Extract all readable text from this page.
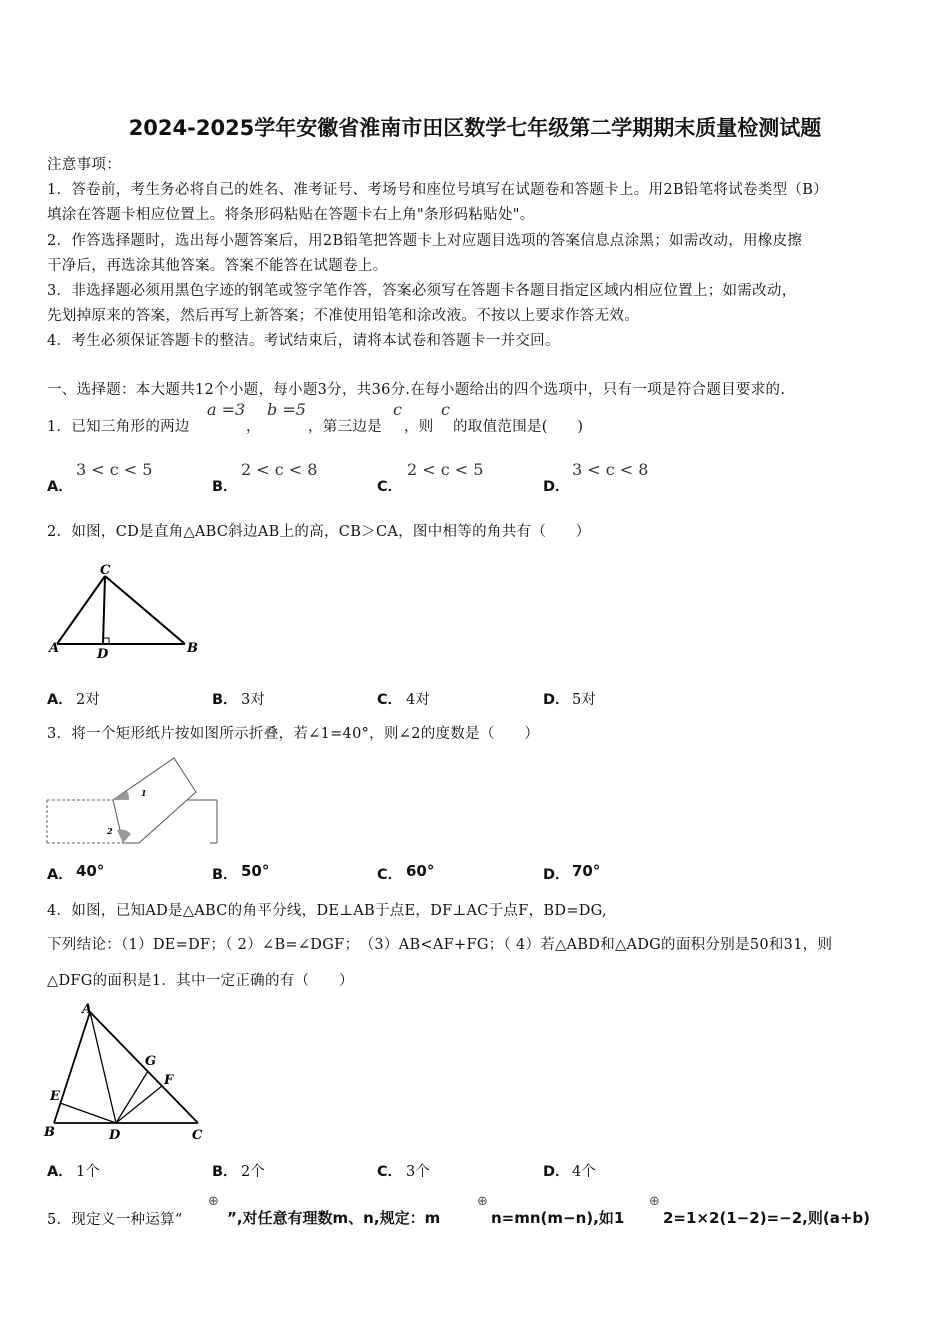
2024-2025学年安徽省淮南市田区数学七年级第二学期期末质量检测试题
注意事项：
1．答卷前，考生务必将自己的姓名、准考证号、考场号和座位号填写在试题卷和答题卡上。用2B铅笔将试卷类型（B）
填涂在答题卡相应位置上。将条形码粘贴在答题卡右上角"条形码粘贴处"。
2．作答选择题时，选出每小题答案后，用2B铅笔把答题卡上对应题目选项的答案信息点涂黑；如需改动，用橡皮擦
干净后，再选涂其他答案。答案不能答在试题卷上。
3．非选择题必须用黑色字迹的钢笔或签字笔作答，答案必须写在答题卡各题目指定区域内相应位置上；如需改动，
先划掉原来的答案，然后再写上新答案；不准使用铅笔和涂改液。不按以上要求作答无效。
4．考生必须保证答题卡的整洁。考试结束后，请将本试卷和答题卡一并交回。
一、选择题：本大题共12个小题，每小题3分，共36分.在每小题给出的四个选项中，只有一项是符合题目要求的.
1．已知三角形的两边
a =3
，
b =5
，第三边是
c
，则
c
的取值范围是(　　)
A．
3 < c < 5
B．
2 < c < 8
C．
2 < c < 5
D．
3 < c < 8
2．如图，CD是直角△ABC斜边AB上的高，CB＞CA，图中相等的角共有（　　）
C
A	D	B
A． 2对	B． 3对	C． 4对	D． 5对
3．将一个矩形纸片按如图所示折叠，若∠1=40°，则∠2的度数是（　　）
1
2
A． 40°	B． 50°	C． 60°	D． 70°
4．如图，已知AD是△ABC的角平分线，DE⊥AB于点E，DF⊥AC于点F，BD=DG,
下列结论：（1）DE=DF；（ 2）∠B=∠DGF；　（3）AB<AF+FG；（ 4）若△ABD和△ADG的面积分别是50和31，则
△DFG的面积是1．其中一定正确的有（　　）
A
G
F
E
B	D	C
A． 1个	B． 2个	C． 3个	D． 4个
5．现定义一种运算“
⊕
”,对任意有理数m、n,规定：m
⊕
n=mn(m−n),如1
⊕
2=1×2(1−2)=−2,则(a+b)
